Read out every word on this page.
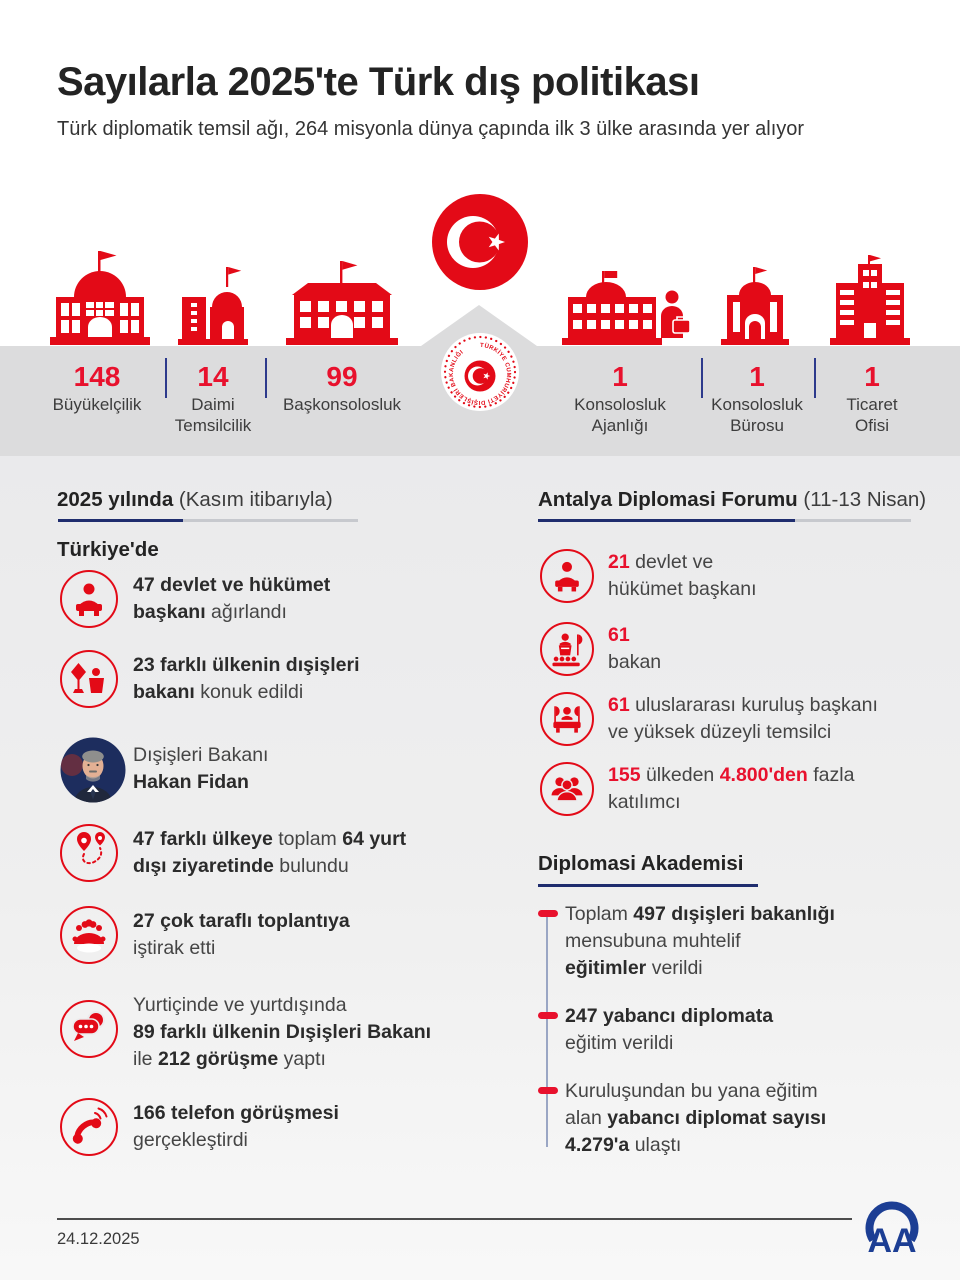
Sayılarla 2025'te Türk dış politikası
Türk diplomatik temsil ağı, 264 misyonla dünya çapında ilk 3 ülke arasında yer alıyor
TÜRKİYE CUMHURİYETİ DIŞİŞLERİ BAKANLIĞI
148
Büyükelçilik
14
Daimi Temsilcilik
99
Başkonsolosluk
1
Konsolosluk Ajanlığı
1
Konsolosluk Bürosu
1
Ticaret Ofisi
2025 yılında (Kasım itibarıyla)
Türkiye'de
47 devlet ve hükümet
başkanı ağırlandı
23 farklı ülkenin dışişleri
bakanı konuk edildi
Dışişleri Bakanı
Hakan Fidan
47 farklı ülkeye toplam 64 yurt
dışı ziyaretinde bulundu
27 çok taraflı toplantıya
iştirak etti
Yurtiçinde ve yurtdışında
89 farklı ülkenin Dışişleri Bakanı
ile 212 görüşme yaptı
166 telefon görüşmesi
gerçekleştirdi
Antalya Diplomasi Forumu (11-13 Nisan)
21 devlet ve
hükümet başkanı
61
bakan
61 uluslararası kuruluş başkanı
ve yüksek düzeyli temsilci
155 ülkeden 4.800'den fazla
katılımcı
Diplomasi Akademisi
Toplam 497 dışişleri bakanlığı
mensubuna muhtelif
eğitimler verildi
247 yabancı diplomata
eğitim verildi
Kuruluşundan bu yana eğitim
alan yabancı diplomat sayısı
4.279'a ulaştı
24.12.2025	AA
